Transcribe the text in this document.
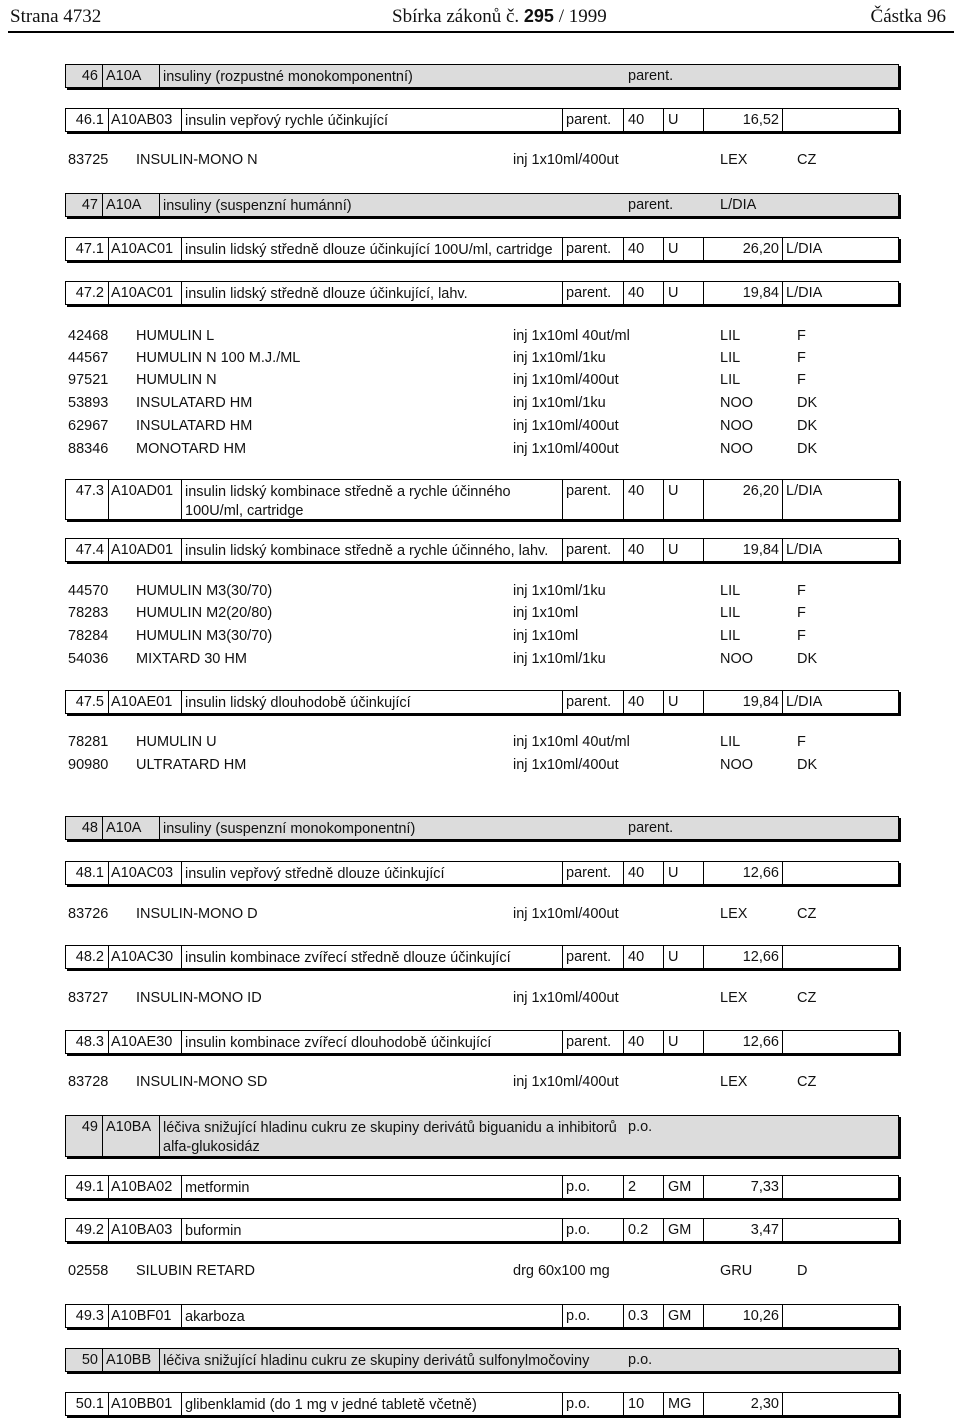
Strana 4732	Sbírka zákonů č. 295 / 1999	Částka 96
46 A10A	insuliny (rozpustné monokomponentní)	parent.
46.1 A10AB03 insulin vepřový rychle účinkující	parent.	40	U	16,52
83725 INSULIN-MONO N	inj 1x10ml/400ut	LEX	CZ
47 A10A	insuliny (suspenzní humánní)	parent.	L/DIA
47.1 A10AC01 insulin lidský středně dlouze účinkující 100U/ml, cartridge parent.	40	U	26,20 L/DIA
47.2 A10AC01 insulin lidský středně dlouze účinkující, lahv.	parent.	40	U	19,84 L/DIA
42468 HUMULIN L	inj 1x10ml 40ut/ml	LIL	F
44567 HUMULIN N 100 M.J./ML	inj 1x10ml/1ku	LIL	F
97521 HUMULIN N	inj 1x10ml/400ut	LIL	F
53893 INSULATARD HM	inj 1x10ml/1ku	NOO	DK
62967 INSULATARD HM	inj 1x10ml/400ut	NOO	DK
88346 MONOTARD HM	inj 1x10ml/400ut	NOO	DK
47.3 A10AD01 insulin lidský kombinace středně a rychle účinného 100U/ml, cartridge
parent.	40	U	26,20 L/DIA
47.4 A10AD01 insulin lidský kombinace středně a rychle účinného, lahv.	parent.	40	U	19,84 L/DIA
44570 HUMULIN M3(30/70)	inj 1x10ml/1ku	LIL	F
78283 HUMULIN M2(20/80)	inj 1x10ml	LIL	F
78284 HUMULIN M3(30/70)	inj 1x10ml	LIL	F
54036 MIXTARD 30 HM	inj 1x10ml/1ku	NOO	DK
47.5 A10AE01 insulin lidský dlouhodobě účinkující	parent.	40	U	19,84 L/DIA
78281 HUMULIN U	inj 1x10ml 40ut/ml	LIL	F
90980 ULTRATARD HM	inj 1x10ml/400ut	NOO	DK
48 A10A	insuliny (suspenzní monokomponentní)	parent.
48.1 A10AC03 insulin vepřový středně dlouze účinkující	parent.	40	U	12,66
83726 INSULIN-MONO D	inj 1x10ml/400ut	LEX	CZ
48.2 A10AC30 insulin kombinace zvířecí středně dlouze účinkující	parent.	40	U	12,66
83727 INSULIN-MONO ID	inj 1x10ml/400ut	LEX	CZ
48.3 A10AE30 insulin kombinace zvířecí dlouhodobě účinkující	parent.	40	U	12,66
83728 INSULIN-MONO SD	inj 1x10ml/400ut	LEX	CZ
49 A10BA léčiva snižující hladinu cukru ze skupiny derivátů biguanidu a inhibitorů alfa-glukosidáz
p.o.
49.1 A10BA02 metformin	p.o.	2	GM	7,33
49.2 A10BA03 buformin	p.o.	0.2	GM	3,47
02558 SILUBIN RETARD	drg 60x100 mg	GRU	D
49.3 A10BF01 akarboza	p.o.	0.3	GM	10,26
50 A10BB léčiva snižující hladinu cukru ze skupiny derivátů sulfonylmočoviny	p.o.
50.1 A10BB01 glibenklamid (do 1 mg v jedné tabletě včetně)	p.o.	10	MG	2,30
